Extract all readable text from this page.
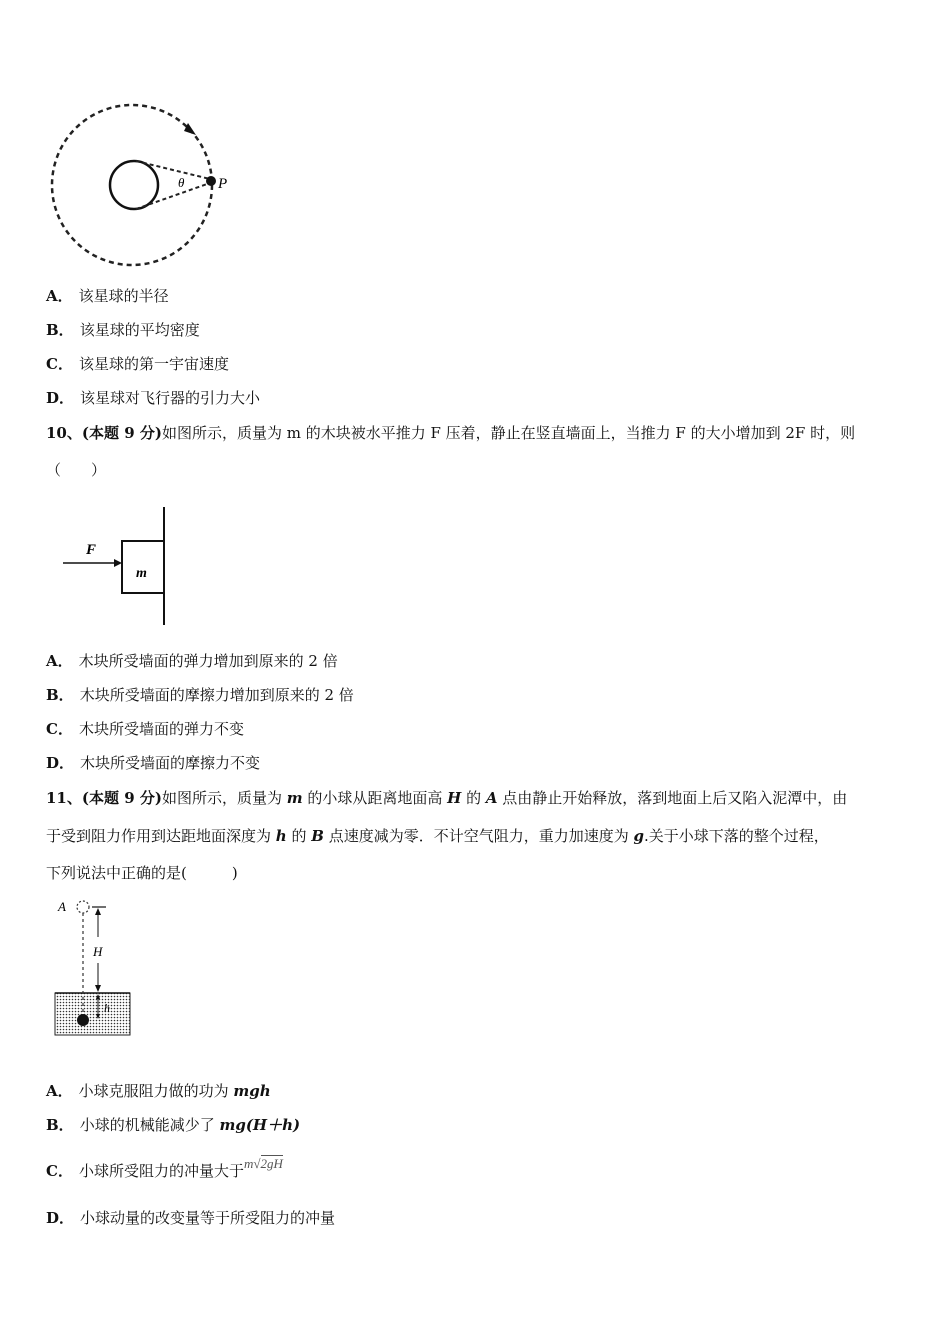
θ P
A． 该星球的半径
B． 该星球的平均密度
C． 该星球的第一宇宙速度
D． 该星球对飞行器的引力大小
10、(本题 9 分)如图所示，质量为 m 的木块被水平推力 F 压着，静止在竖直墙面上，当推力 F 的大小增加到 2F 时，则
（　　）
F
m
A． 木块所受墙面的弹力增加到原来的 2 倍
B． 木块所受墙面的摩擦力增加到原来的 2 倍
C． 木块所受墙面的弹力不变
D． 木块所受墙面的摩擦力不变
11、(本题 9 分)如图所示，质量为 m 的小球从距离地面高 H 的 A 点由静止开始释放，落到地面上后又陷入泥潭中，由
于受到阻力作用到达距地面深度为 h 的 B 点速度减为零．不计空气阻力，重力加速度为 g.关于小球下落的整个过程，
下列说法中正确的是(　　　)
A
H
h
A． 小球克服阻力做的功为 mgh
B． 小球的机械能减少了 mg(H＋h)
C． 小球所受阻力的冲量大于m√2gH
D． 小球动量的改变量等于所受阻力的冲量
